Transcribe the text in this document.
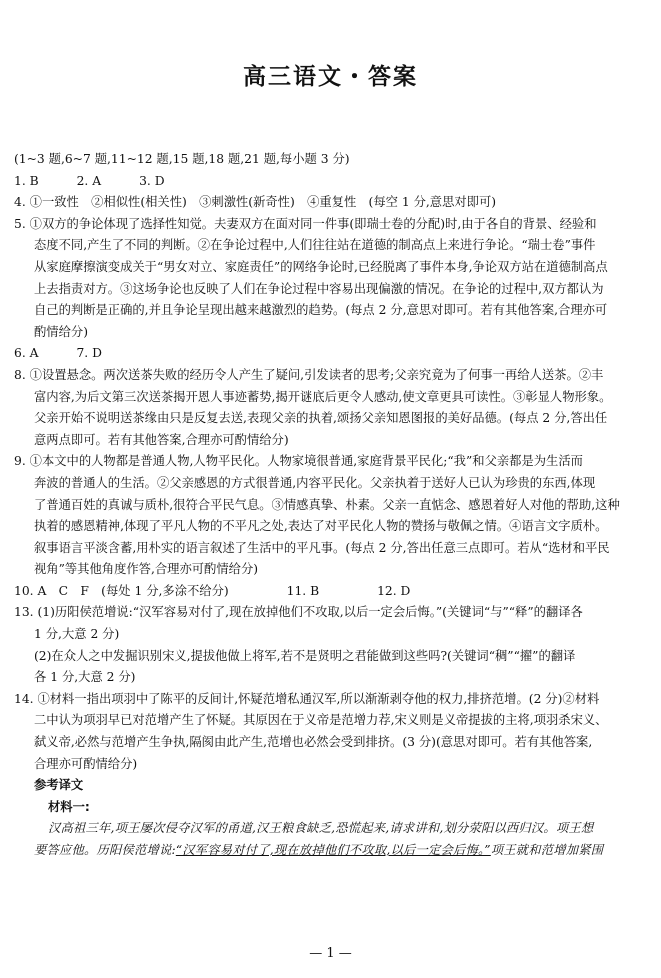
高三语文・答案
(1~3 题,6~7 题,11~12 题,15 题,18 题,21 题,每小题 3 分)
1. B	2. A	3. D
4. ①一致性　②相似性(相关性)　③刺激性(新奇性)　④重复性　(每空 1 分,意思对即可)
5. ①双方的争论体现了选择性知觉。夫妻双方在面对同一件事(即瑞士卷的分配)时,由于各自的背景、经验和
态度不同,产生了不同的判断。②在争论过程中,人们往往站在道德的制高点上来进行争论。“瑞士卷”事件
从家庭摩擦演变成关于“男女对立、家庭责任”的网络争论时,已经脱离了事件本身,争论双方站在道德制高点
上去指责对方。③这场争论也反映了人们在争论过程中容易出现偏激的情况。在争论的过程中,双方都认为
自己的判断是正确的,并且争论呈现出越来越激烈的趋势。(每点 2 分,意思对即可。若有其他答案,合理亦可
酌情给分)
6. A	7. D
8. ①设置悬念。两次送茶失败的经历令人产生了疑问,引发读者的思考;父亲究竟为了何事一再给人送茶。②丰
富内容,为后文第三次送茶揭开恩人事迹蓄势,揭开谜底后更令人感动,使文章更具可读性。③彰显人物形象。
父亲开始不说明送茶缘由只是反复去送,表现父亲的执着,颂扬父亲知恩图报的美好品德。(每点 2 分,答出任
意两点即可。若有其他答案,合理亦可酌情给分)
9. ①本文中的人物都是普通人物,人物平民化。人物家境很普通,家庭背景平民化;“我”和父亲都是为生活而
奔波的普通人的生活。②父亲感恩的方式很普通,内容平民化。父亲执着于送好人已认为珍贵的东西,体现
了普通百姓的真诚与质朴,很符合平民气息。③情感真挚、朴素。父亲一直惦念、感恩着好人对他的帮助,这种
执着的感恩精神,体现了平凡人物的不平凡之处,表达了对平民化人物的赞扬与敬佩之情。④语言文字质朴。
叙事语言平淡含蓄,用朴实的语言叙述了生活中的平凡事。(每点 2 分,答出任意三点即可。若从“选材和平民
视角”等其他角度作答,合理亦可酌情给分)
10. A　C　F　(每处 1 分,多涂不给分)	11. B	12. D
13. (1)历阳侯范增说:“汉军容易对付了,现在放掉他们不攻取,以后一定会后悔。”(关键词“与”“释”的翻译各
1 分,大意 2 分)
(2)在众人之中发掘识别宋义,提拔他做上将军,若不是贤明之君能做到这些吗?(关键词“稠”“擢”的翻译
各 1 分,大意 2 分)
14. ①材料一指出项羽中了陈平的反间计,怀疑范增私通汉军,所以渐渐剥夺他的权力,排挤范增。(2 分)②材料
二中认为项羽早已对范增产生了怀疑。其原因在于义帝是范增力荐,宋义则是义帝提拔的主将,项羽杀宋义、
弑义帝,必然与范增产生争执,隔阂由此产生,范增也必然会受到排挤。(3 分)(意思对即可。若有其他答案,
合理亦可酌情给分)
参考译文
材料一:
汉高祖三年,项王屡次侵夺汉军的甬道,汉王粮食缺乏,恐慌起来,请求讲和,划分荥阳以西归汉。项王想
要答应他。历阳侯范增说:“汉军容易对付了,现在放掉他们不攻取,以后一定会后悔。”项王就和范增加紧围
— 1 —
